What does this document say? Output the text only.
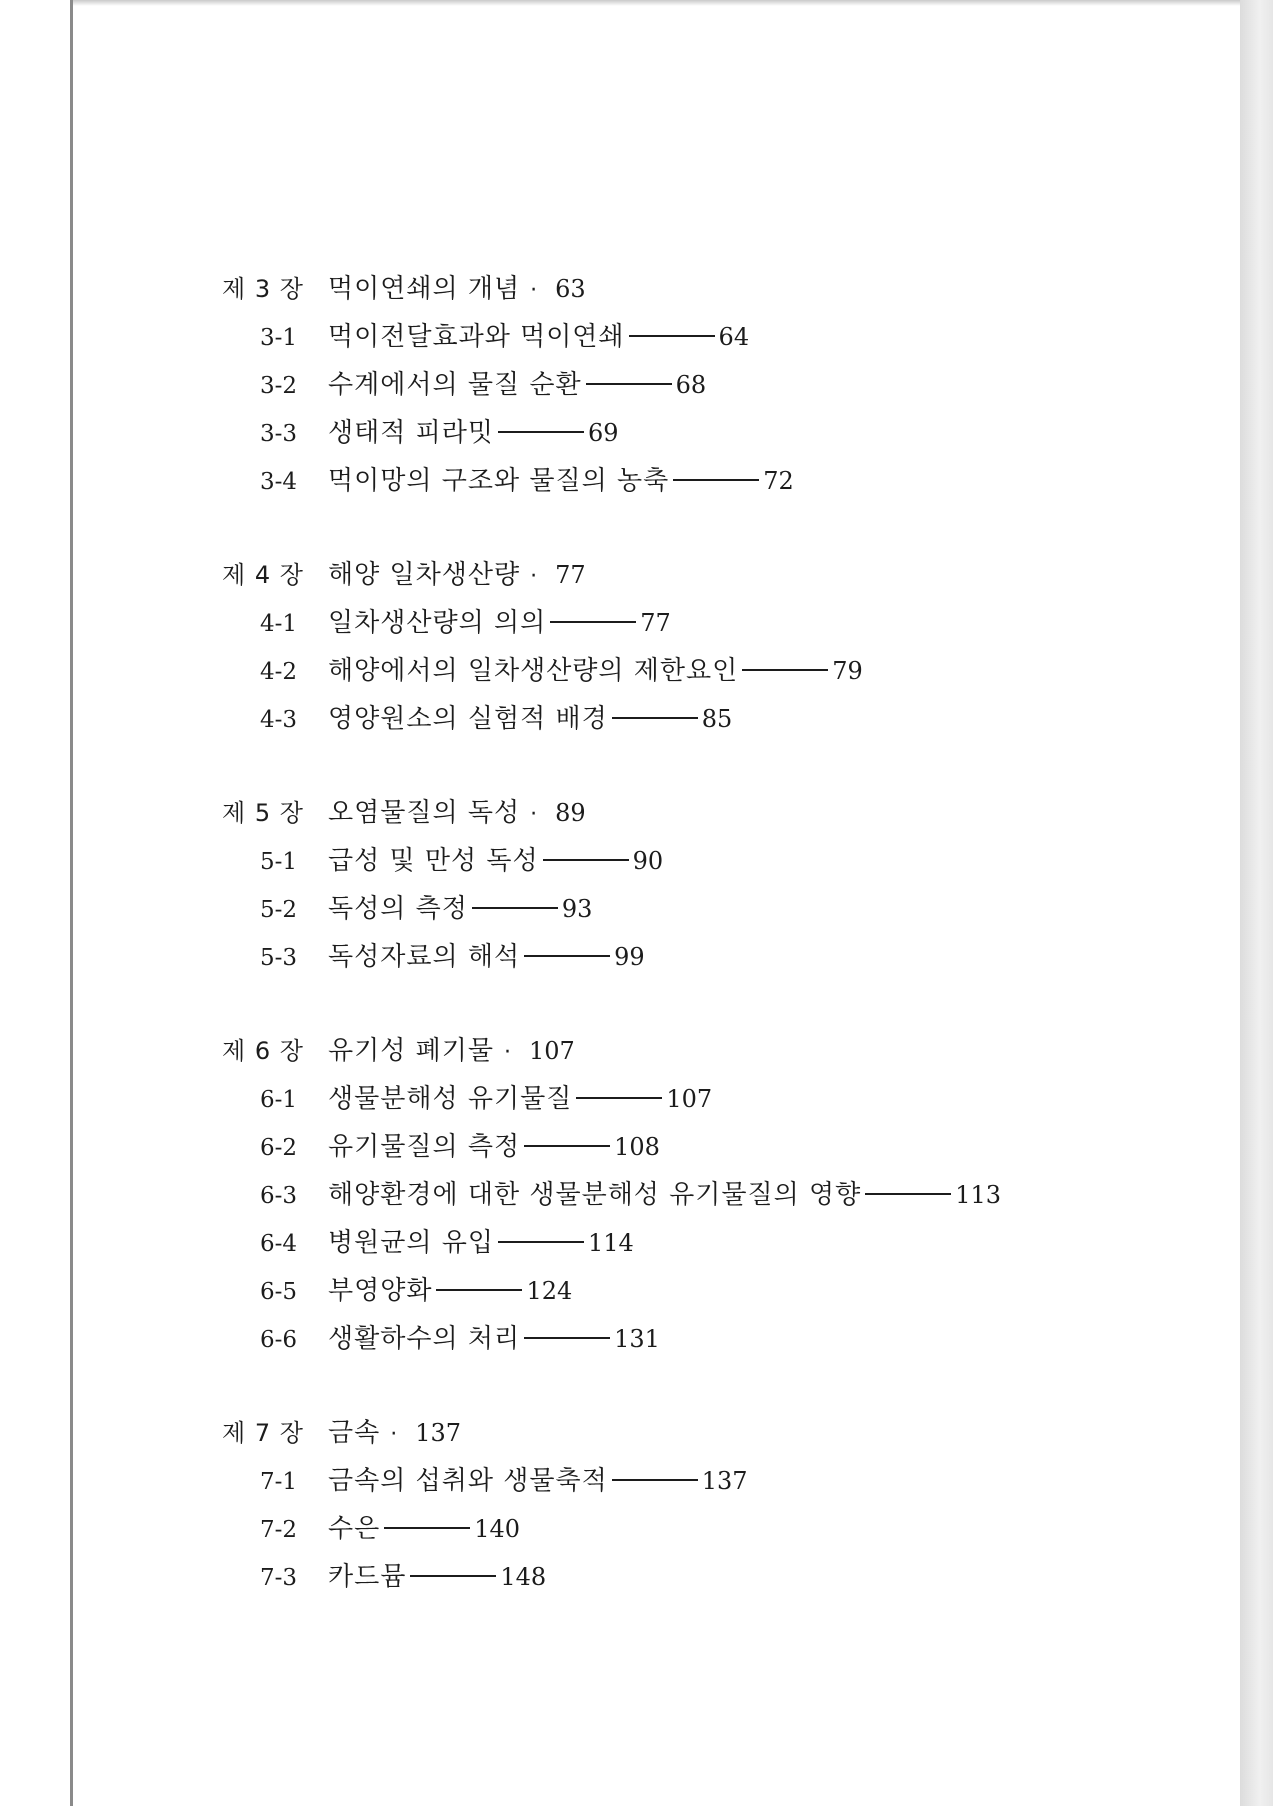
제 3 장 먹이연쇄의 개념 · 63
3-1	먹이전달효과와 먹이연쇄	64
3-2	수계에서의 물질 순환	68
3-3	생태적 피라밋	69
3-4	먹이망의 구조와 물질의 농축	72
제 4 장 해양 일차생산량 · 77
4-1	일차생산량의 의의	77
4-2	해양에서의 일차생산량의 제한요인	79
4-3	영양원소의 실험적 배경	85
제 5 장 오염물질의 독성 · 89
5-1	급성 및 만성 독성	90
5-2	독성의 측정	93
5-3	독성자료의 해석	99
제 6 장 유기성 폐기물 · 107
6-1	생물분해성 유기물질	107
6-2	유기물질의 측정	108
6-3	해양환경에 대한 생물분해성 유기물질의 영향	113
6-4	병원균의 유입	114
6-5	부영양화	124
6-6	생활하수의 처리	131
제 7 장 금속 · 137
7-1	금속의 섭취와 생물축적	137
7-2	수은	140
7-3	카드뮴	148
